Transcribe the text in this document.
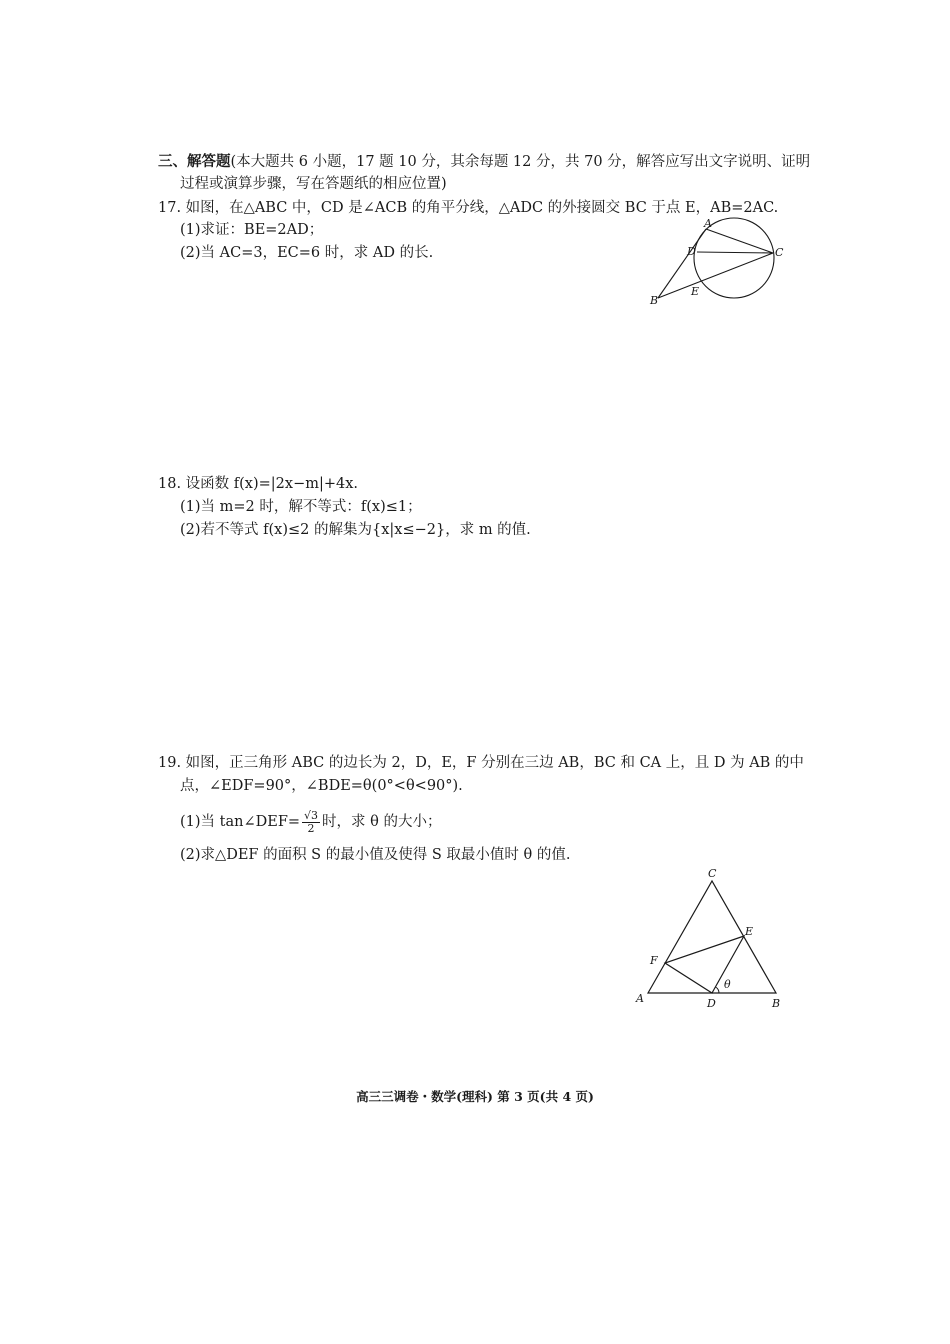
三、解答题(本大题共 6 小题，17 题 10 分，其余每题 12 分，共 70 分，解答应写出文字说明、证明
过程或演算步骤，写在答题纸的相应位置)
17. 如图，在△ABC 中，CD 是∠ACB 的角平分线，△ADC 的外接圆交 BC 于点 E，AB=2AC.
(1)求证：BE=2AD；
(2)当 AC=3，EC=6 时，求 AD 的长.
A
B
C
D
E
18. 设函数 f(x)=|2x−m|+4x.
(1)当 m=2 时，解不等式：f(x)≤1；
(2)若不等式 f(x)≤2 的解集为{x|x≤−2}，求 m 的值.
19. 如图，正三角形 ABC 的边长为 2，D，E，F 分别在三边 AB，BC 和 CA 上，且 D 为 AB 的中
点，∠EDF=90°，∠BDE=θ(0°<θ<90°).
(1)当 tan∠DEF= $\frac{√3}{2}$ 时，求 θ 的大小；
(2)求△DEF 的面积 S 的最小值及使得 S 取最小值时 θ 的值.
A	B
C
D
E
F
θ
高三三调卷・数学(理科) 第 3 页(共 4 页)
